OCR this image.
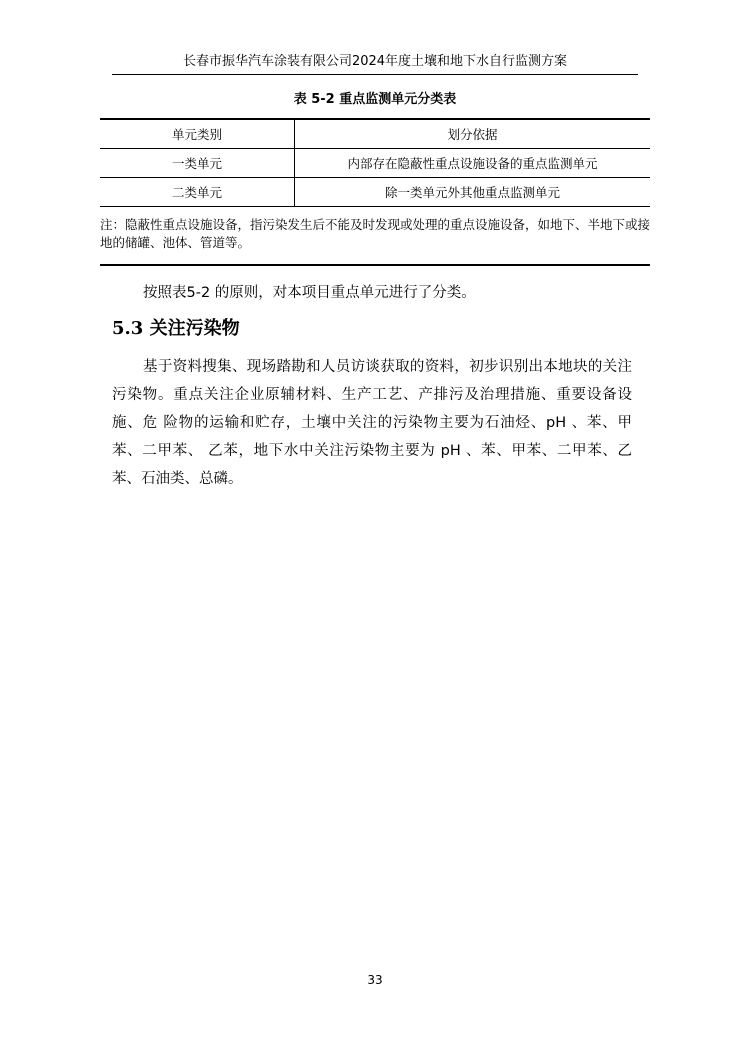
长春市振华汽车涂装有限公司2024年度土壤和地下水自行监测方案
表 5-2 重点监测单元分类表
单元类别	划分依据
一类单元	内部存在隐蔽性重点设施设备的重点监测单元
二类单元	除一类单元外其他重点监测单元
注：隐蔽性重点设施设备，指污染发生后不能及时发现或处理的重点设施设备，如地下、半地下或接地的储罐、池体、管道等。
按照表5-2 的原则，对本项目重点单元进行了分类。
5.3 关注污染物
基于资料搜集、现场踏勘和人员访谈获取的资料，初步识别出本地块的关注污染物。重点关注企业原辅材料、生产工艺、产排污及治理措施、重要设备设施、危 险物的运输和贮存，土壤中关注的污染物主要为石油烃、pH 、苯、甲苯、二甲苯、 乙苯，地下水中关注污染物主要为 pH 、苯、甲苯、二甲苯、乙苯、石油类、总磷。
33
